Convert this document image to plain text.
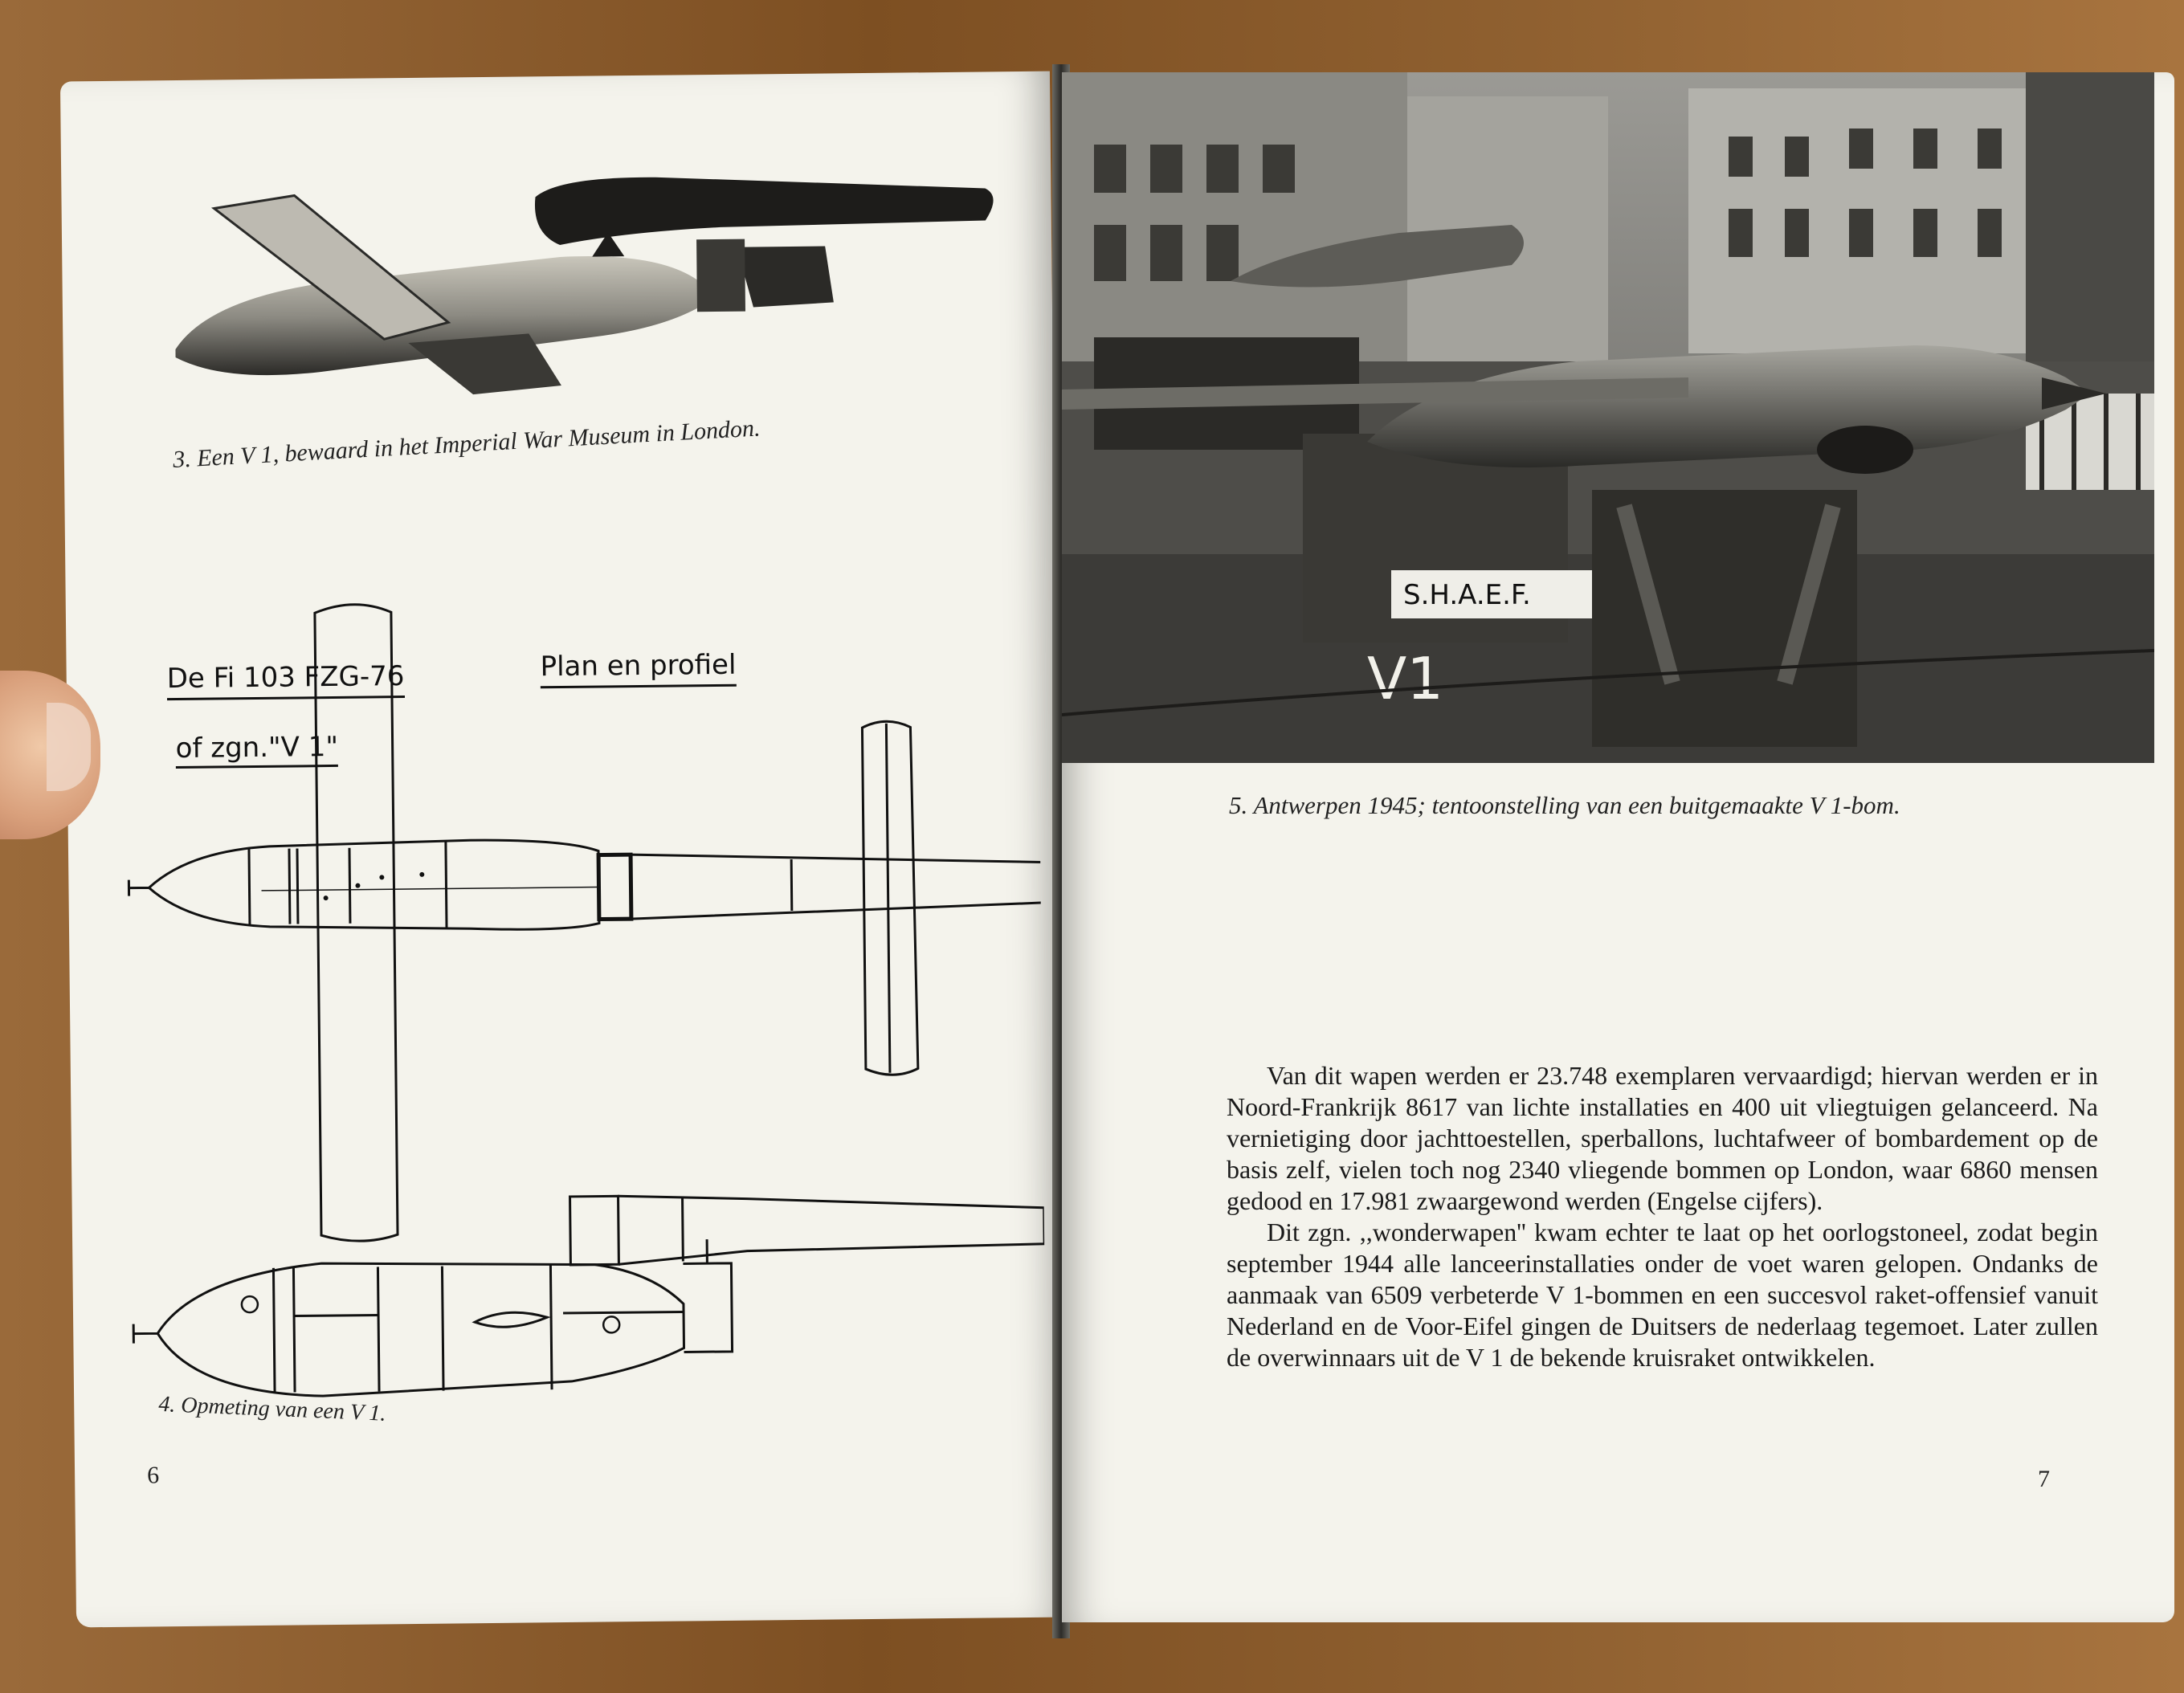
3. Een V 1, bewaard in het Imperial War Museum in London.
De Fi 103 FZG-76
of zgn."V 1"
Plan en profiel
4. Opmeting van een V 1.
6
S.H.A.E.F.
V1
5. Antwerpen 1945; tentoonstelling van een buitgemaakte V 1-bom.

Van dit wapen werden er 23.748 exemplaren vervaardigd; hiervan werden er in Noord-Frankrijk 8617 van lichte installaties en 400 uit vliegtuigen gelanceerd. Na vernietiging door jachttoestellen, sperballons, luchtafweer of bombardement op de basis zelf, vielen toch nog 2340 vliegende bommen op London, waar 6860 mensen gedood en 17.981 zwaargewond werden (Engelse cijfers).

Dit zgn. ,,wonderwapen'' kwam echter te laat op het oorlogstoneel, zodat begin september 1944 alle lanceerinstallaties onder de voet waren gelopen. Ondanks de aanmaak van 6509 verbeterde V 1-bommen en een succesvol raket-offensief vanuit Nederland en de Voor-Eifel gingen de Duitsers de nederlaag tegemoet. Later zullen de overwinnaars uit de V 1 de bekende kruisraket ontwikkelen.

7
